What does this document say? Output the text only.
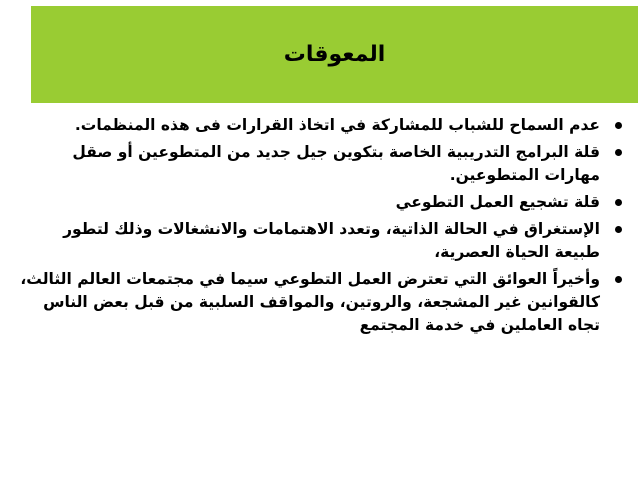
المعوقات
عدم السماح للشباب للمشاركة في اتخاذ القرارات فى هذه المنظمات.
قلة البرامج التدريبية الخاصة بتكوين جيل جديد من المتطوعين أو صقل مهارات المتطوعين.
قلة تشجيع العمل التطوعي
الإستغراق في الحالة الذاتية، وتعدد الاهتمامات والانشغالات وذلك لتطور طبيعة الحياة العصرية،
وأخيراً العوائق التي تعترض العمل التطوعي سيما في مجتمعات العالم الثالث، كالقوانين غير المشجعة، والروتين، والمواقف السلبية من قبل بعض الناس تجاه العاملين في خدمة المجتمع
